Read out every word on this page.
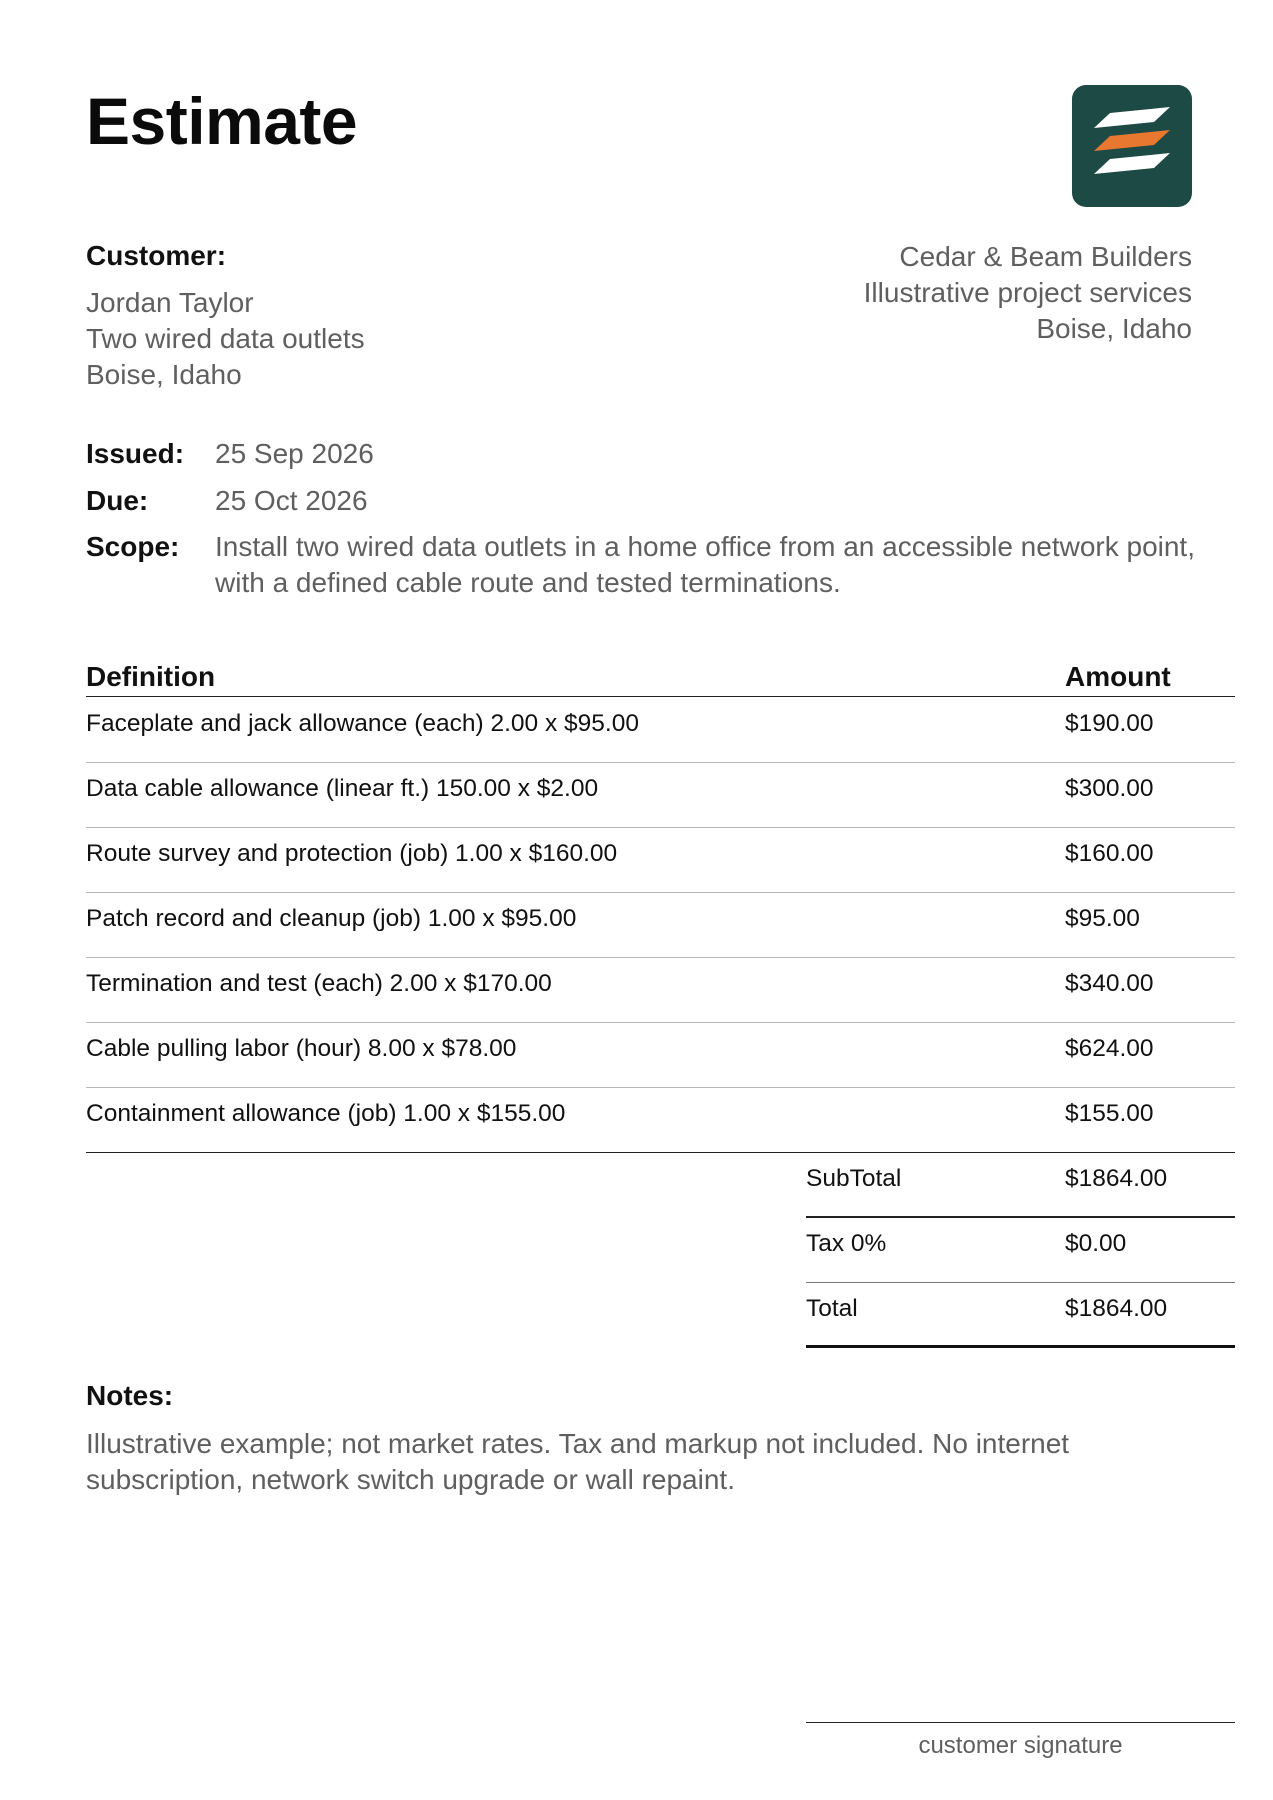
Estimate
Customer:
Jordan Taylor
Two wired data outlets
Boise, Idaho
Cedar & Beam Builders
Illustrative project services
Boise, Idaho
Issued: 25 Sep 2026
Due: 25 Oct 2026
Scope: Install two wired data outlets in a home office from an accessible network point, with a defined cable route and tested terminations.
Definition	Amount
Faceplate and jack allowance (each) 2.00 x $95.00	$190.00
Data cable allowance (linear ft.) 150.00 x $2.00	$300.00
Route survey and protection (job) 1.00 x $160.00	$160.00
Patch record and cleanup (job) 1.00 x $95.00	$95.00
Termination and test (each) 2.00 x $170.00	$340.00
Cable pulling labor (hour) 8.00 x $78.00	$624.00
Containment allowance (job) 1.00 x $155.00	$155.00
SubTotal	$1864.00
Tax 0%	$0.00
Total	$1864.00
Notes:
Illustrative example; not market rates. Tax and markup not included. No internet subscription, network switch upgrade or wall repaint.
customer signature
